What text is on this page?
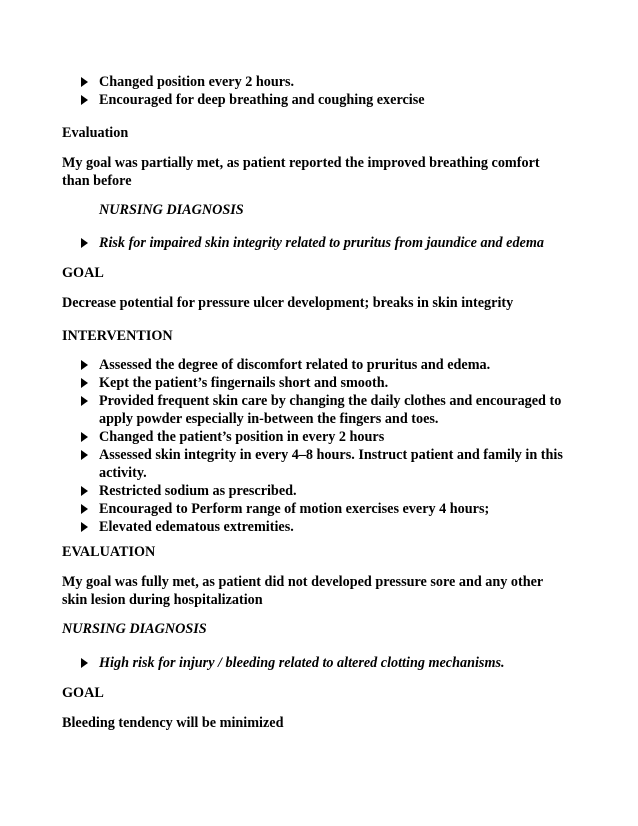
Changed position every 2 hours.
Encouraged for deep breathing and coughing exercise
Evaluation
My goal was partially met, as patient reported the improved breathing comfort than before
NURSING DIAGNOSIS
Risk for impaired skin integrity related to pruritus from jaundice and edema
GOAL
Decrease potential for pressure ulcer development; breaks in skin integrity
INTERVENTION
Assessed the degree of discomfort related to pruritus and edema.
Kept the patient’s fingernails short and smooth.
Provided frequent skin care by changing the daily clothes and encouraged to apply powder especially in-between the fingers and toes.
Changed the patient’s position in every 2 hours
Assessed skin integrity in every 4–8 hours. Instruct patient and family in this activity.
Restricted sodium as prescribed.
Encouraged to Perform range of motion exercises every 4 hours;
Elevated edematous extremities.
EVALUATION
My goal was fully met, as patient did not developed pressure sore and any other skin lesion during hospitalization
NURSING DIAGNOSIS
High risk for injury / bleeding related to altered clotting mechanisms.
GOAL
Bleeding tendency will be minimized
